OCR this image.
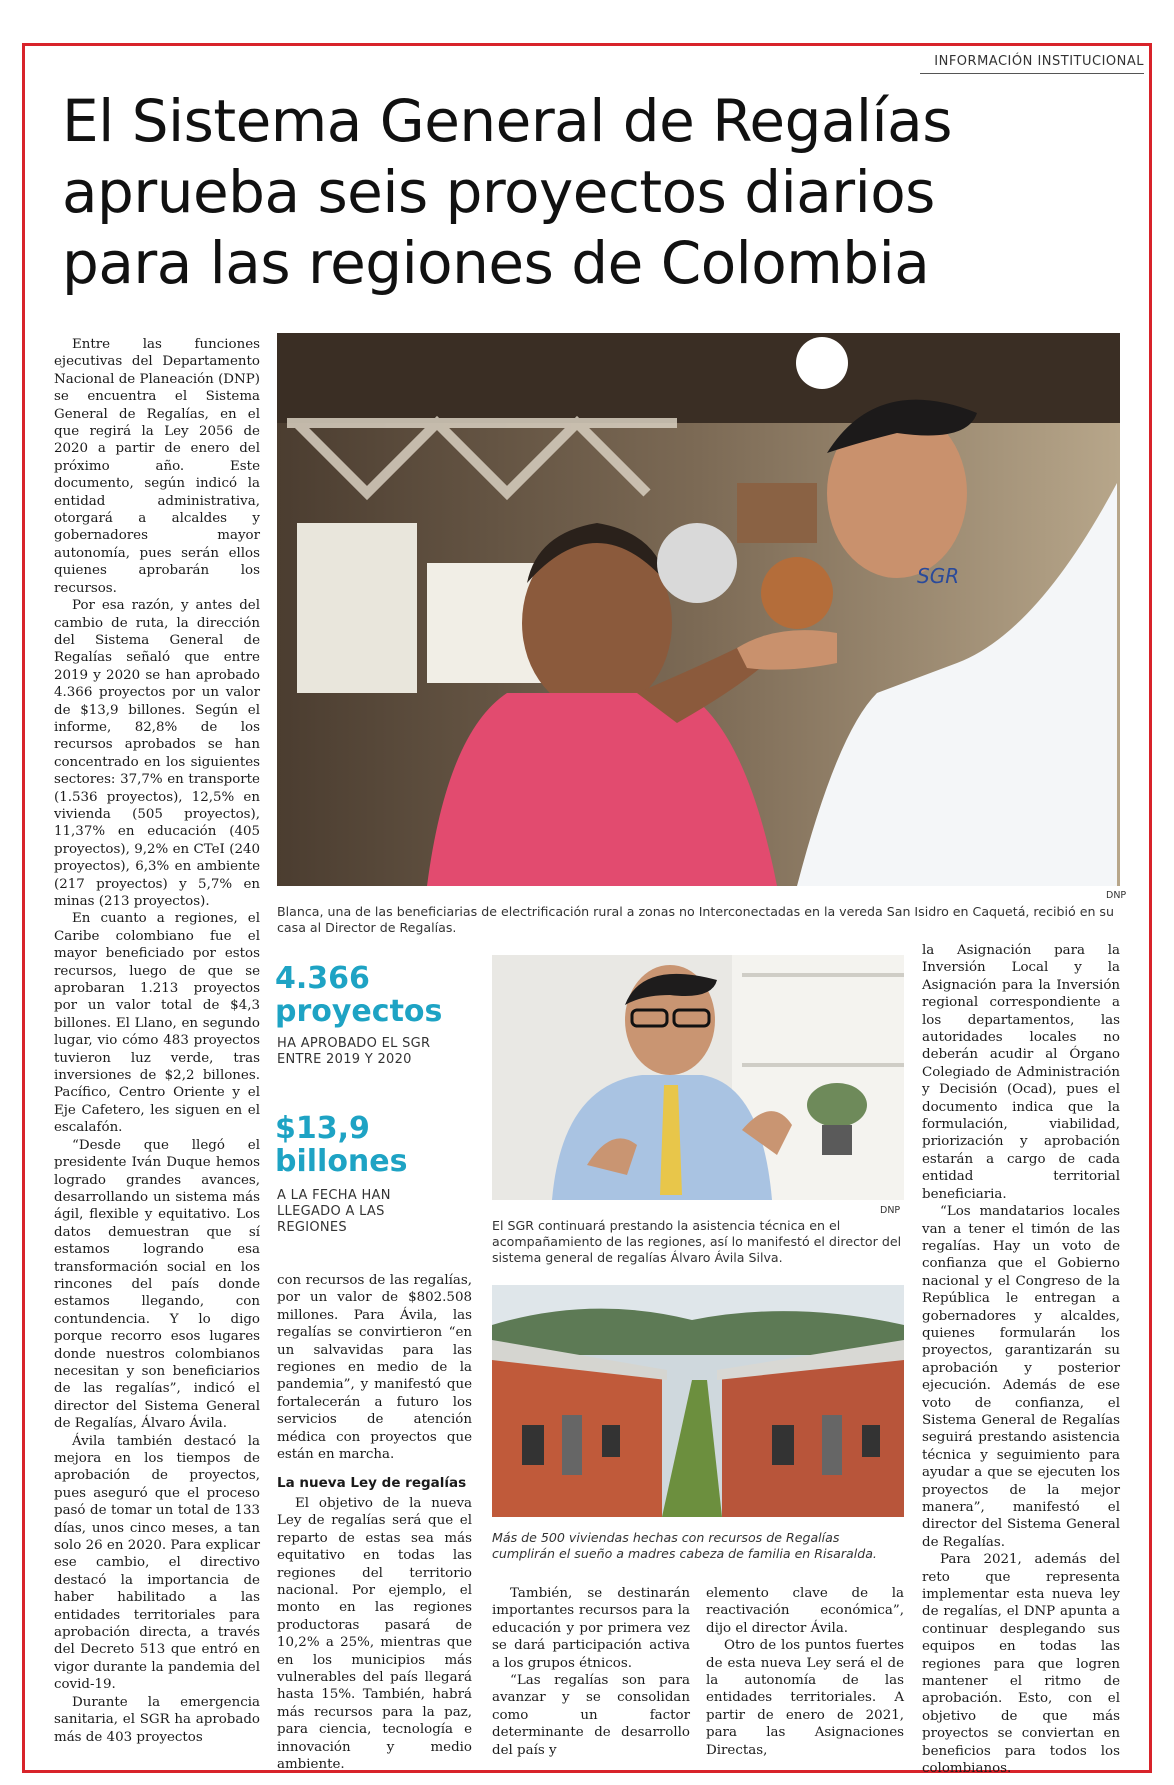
INFORMACIÓN INSTITUCIONAL
El Sistema General de Regalías aprueba seis proyectos diarios para las regiones de Colombia

Entre las funciones ejecutivas del Departamento Nacional de Planeación (DNP) se encuentra el Sistema General de Regalías, en el que regirá la Ley 2056 de 2020 a partir de enero del próximo año. Este documento, según indicó la entidad administrativa, otorgará a alcaldes y gobernadores mayor autonomía, pues serán ellos quienes aprobarán los recursos.

Por esa razón, y antes del cambio de ruta, la dirección del Sistema General de Regalías señaló que entre 2019 y 2020 se han aprobado 4.366 proyectos por un valor de $13,9 billones. Según el informe, 82,8% de los recursos aprobados se han concentrado en los siguientes sectores: 37,7% en transporte (1.536 proyectos), 12,5% en vivienda (505 proyectos), 11,37% en educación (405 proyectos), 9,2% en CTeI (240 proyectos), 6,3% en ambiente (217 proyectos) y 5,7% en minas (213 proyectos).

En cuanto a regiones, el Caribe colombiano fue el mayor beneficiado por estos recursos, luego de que se aprobaran 1.213 proyectos por un valor total de $4,3 billones. El Llano, en segundo lugar, vio cómo 483 proyectos tuvieron luz verde, tras inversiones de $2,2 billones. Pacífico, Centro Oriente y el Eje Cafetero, les siguen en el escalafón.

“Desde que llegó el presidente Iván Duque hemos logrado grandes avances, desarrollando un sistema más ágil, flexible y equitativo. Los datos demuestran que sí estamos logrando esa transformación social en los rincones del país donde estamos llegando, con contundencia. Y lo digo porque recorro esos lugares donde nuestros colombianos necesitan y son beneficiarios de las regalías”, indicó el director del Sistema General de Regalías, Álvaro Ávila.

Ávila también destacó la mejora en los tiempos de aprobación de proyectos, pues aseguró que el proceso pasó de tomar un total de 133 días, unos cinco meses, a tan solo 26 en 2020. Para explicar ese cambio, el directivo destacó la importancia de haber habilitado a las entidades territoriales para aprobación directa, a través del Decreto 513 que entró en vigor durante la pandemia del covid-19.

Durante la emergencia sanitaria, el SGR ha aprobado más de 403 proyectos

SGR
DNP
Blanca, una de las beneficiarias de electrificación rural a zonas no Interconectadas en la vereda San Isidro en Caquetá, recibió en su casa al Director de Regalías.
4.366
proyectos
HA APROBADO EL SGR ENTRE 2019 Y 2020
$13,9
billones
A LA FECHA HAN LLEGADO A LAS REGIONES
DNP
El SGR continuará prestando la asistencia técnica en el acompañamiento de las regiones, así lo manifestó el director del sistema general de regalías Álvaro Ávila Silva.
Más de 500 viviendas hechas con recursos de Regalías cumplirán el sueño a madres cabeza de familia en Risaralda.

con recursos de las regalías, por un valor de $802.508 millones. Para Ávila, las regalías se convirtieron “en un salvavidas para las regiones en medio de la pandemia”, y manifestó que fortalecerán a futuro los servicios de atención médica con proyectos que están en marcha.

La nueva Ley de regalías

El objetivo de la nueva Ley de regalías será que el reparto de estas sea más equitativo en todas las regiones del territorio nacional. Por ejemplo, el monto en las regiones productoras pasará de 10,2% a 25%, mientras que en los municipios más vulnerables del país llegará hasta 15%. También, habrá más recursos para la paz, para ciencia, tecnología e innovación y medio ambiente.

También, se destinarán importantes recursos para la educación y por primera vez se dará participación activa a los grupos étnicos.

“Las regalías son para avanzar y se consolidan como un factor determinante de desarrollo del país y

elemento clave de la reactivación económica”, dijo el director Ávila.

Otro de los puntos fuertes de esta nueva Ley será el de la autonomía de las entidades territoriales. A partir de enero de 2021, para las Asignaciones Directas,

la Asignación para la Inversión Local y la Asignación para la Inversión regional correspondiente a los departamentos, las autoridades locales no deberán acudir al Órgano Colegiado de Administración y Decisión (Ocad), pues el documento indica que la formulación, viabilidad, priorización y aprobación estarán a cargo de cada entidad territorial beneficiaria.

“Los mandatarios locales van a tener el timón de las regalías. Hay un voto de confianza que el Gobierno nacional y el Congreso de la República le entregan a gobernadores y alcaldes, quienes formularán los proyectos, garantizarán su aprobación y posterior ejecución. Además de ese voto de confianza, el Sistema General de Regalías seguirá prestando asistencia técnica y seguimiento para ayudar a que se ejecuten los proyectos de la mejor manera”, manifestó el director del Sistema General de Regalías.

Para 2021, además del reto que representa implementar esta nueva ley de regalías, el DNP apunta a continuar desplegando sus equipos en todas las regiones para que logren mantener el ritmo de aprobación. Esto, con el objetivo de que más proyectos se conviertan en beneficios para todos los colombianos.
